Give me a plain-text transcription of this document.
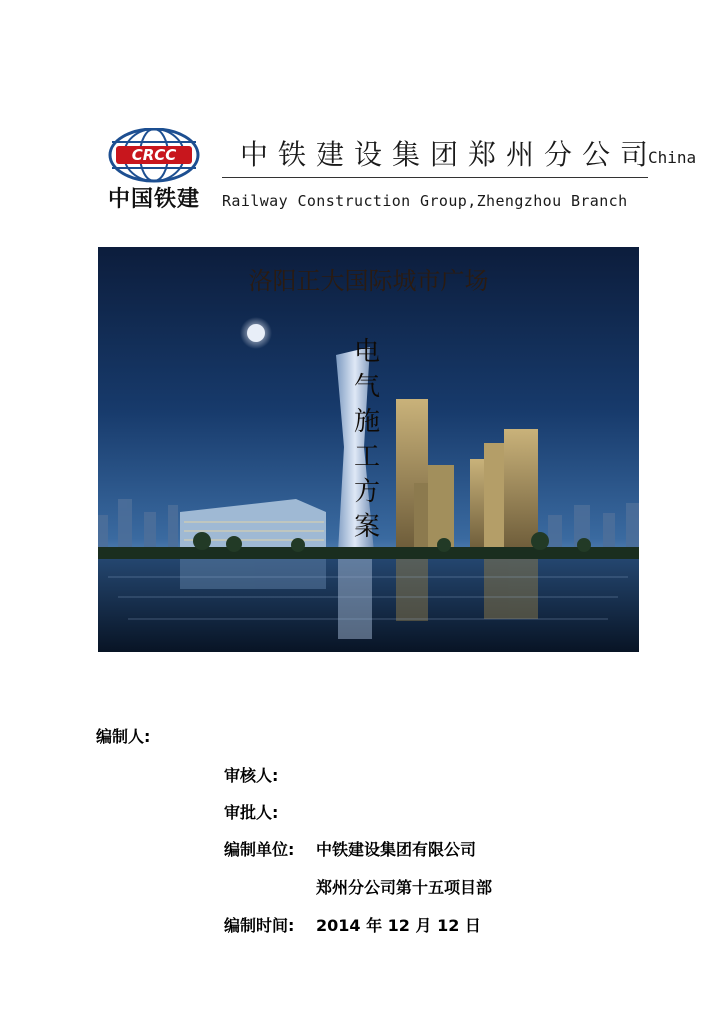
CRCC
中国铁建
中铁建设集团郑州分公司
China
Railway Construction Group,Zhengzhou Branch
洛阳正大国际城市广场
电气施工方案
编制人:
审核人:
审批人:
编制单位: 中铁建设集团有限公司
郑州分公司第十五项目部
编制时间: 2014 年 12 月 12 日
